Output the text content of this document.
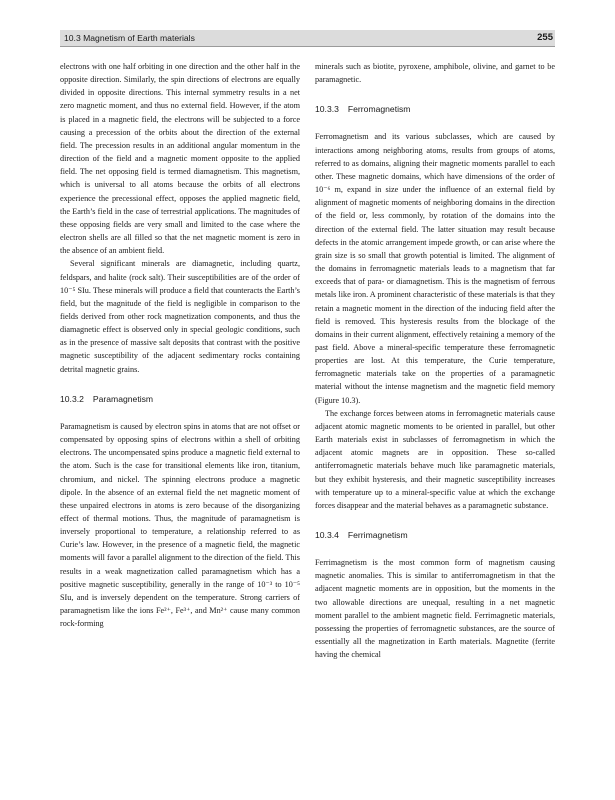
10.3 Magnetism of Earth materials	255

electrons with one half orbiting in one direction and the other half in the opposite direction. Similarly, the spin directions of electrons are equally divided in opposite directions. This internal symmetry results in a net zero magnetic moment, and thus no external field. However, if the atom is placed in a magnetic field, the electrons will be subjected to a force causing a precession of the orbits about the direction of the external field. The precession results in an additional angular momentum in the direction of the field and a magnetic moment opposite to the applied field. The net opposing field is termed diamagnetism. This magnetism, which is universal to all atoms because the orbits of all electrons experience the precessional effect, opposes the applied magnetic field, the Earth’s field in the case of terrestrial applications. The magnitudes of these opposing fields are very small and limited to the case where the electron shells are all filled so that the net magnetic moment is zero in the absence of an ambient field.

Several significant minerals are diamagnetic, including quartz, feldspars, and halite (rock salt). Their susceptibilities are of the order of 10⁻⁵ SIu. These minerals will produce a field that counteracts the Earth’s field, but the magnitude of the field is negligible in comparison to the fields derived from other rock magnetization components, and thus the diamagnetic effect is observed only in special geologic conditions, such as in the presence of massive salt deposits that contrast with the positive magnetic susceptibility of the adjacent sedimentary rocks containing detrital magnetic grains.

10.3.2 Paramagnetism

Paramagnetism is caused by electron spins in atoms that are not offset or compensated by opposing spins of electrons within a shell of orbiting electrons. The uncompensated spins produce a magnetic field external to the atom. Such is the case for transitional elements like iron, titanium, chromium, and nickel. The spinning electrons produce a magnetic dipole. In the absence of an external field the net magnetic moment of these unpaired electrons in atoms is zero because of the disorganizing effect of thermal motions. Thus, the magnitude of paramagnetism is inversely proportional to temperature, a relationship referred to as Curie’s law. However, in the presence of a magnetic field, the magnetic moments will favor a parallel alignment to the direction of the field. This results in a weak magnetization called paramagnetism which has a positive magnetic susceptibility, generally in the range of 10⁻³ to 10⁻⁵ SIu, and is inversely dependent on the temperature. Strong carriers of paramagnetism like the ions Fe²⁺, Fe³⁺, and Mn²⁺ cause many common rock-forming

minerals such as biotite, pyroxene, amphibole, olivine, and garnet to be paramagnetic.

10.3.3 Ferromagnetism

Ferromagnetism and its various subclasses, which are caused by interactions among neighboring atoms, results from groups of atoms, referred to as domains, aligning their magnetic moments parallel to each other. These magnetic domains, which have dimensions of the order of 10⁻⁶ m, expand in size under the influence of an external field by alignment of magnetic moments of neighboring domains in the direction of the field or, less commonly, by rotation of the domains into the direction of the external field. The latter situation may result because defects in the atomic arrangement impede growth, or can arise where the grain size is so small that growth potential is limited. The alignment of the domains in ferromagnetic materials leads to a magnetism that far exceeds that of para- or diamagnetism. This is the magnetism of ferrous metals like iron. A prominent characteristic of these materials is that they retain a magnetic moment in the direction of the inducing field after the field is removed. This hysteresis results from the blockage of the domains in their current alignment, effectively retaining a memory of the past field. Above a mineral-specific temperature these ferromagnetic properties are lost. At this temperature, the Curie temperature, ferromagnetic materials take on the properties of a paramagnetic material without the intense magnetism and the magnetic field memory (Figure 10.3).

The exchange forces between atoms in ferromagnetic materials cause adjacent atomic magnetic moments to be oriented in parallel, but other Earth materials exist in subclasses of ferromagnetism in which the adjacent atomic magnets are in opposition. These so-called antiferromagnetic materials behave much like paramagnetic materials, but they exhibit hysteresis, and their magnetic susceptibility increases with temperature up to a mineral-specific value at which the exchange forces disappear and the material behaves as a paramagnetic substance.

10.3.4 Ferrimagnetism

Ferrimagnetism is the most common form of magnetism causing magnetic anomalies. This is similar to antiferromagnetism in that the adjacent magnetic moments are in opposition, but the moments in the two allowable directions are unequal, resulting in a net magnetic moment parallel to the ambient magnetic field. Ferrimagnetic materials, possessing the properties of ferromagnetic substances, are the source of essentially all the magnetization in Earth materials. Magnetite (ferrite having the chemical
